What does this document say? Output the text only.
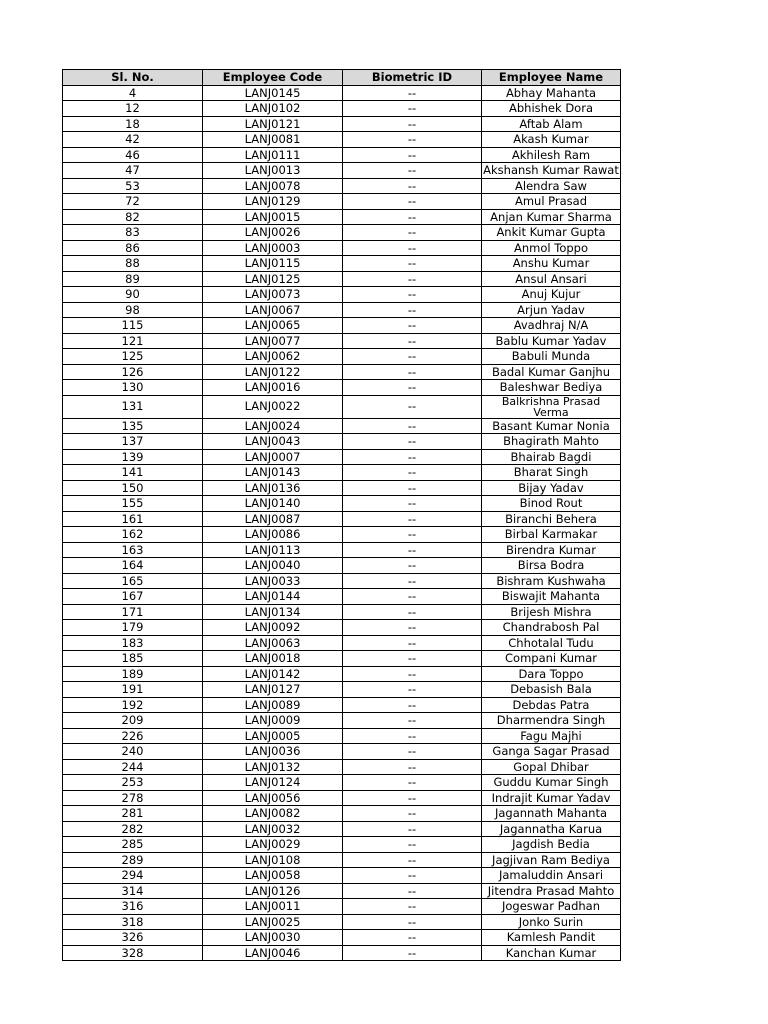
Sl. No.	Employee Code	Biometric ID	Employee Name
4	LANJ0145	--	Abhay Mahanta
12	LANJ0102	--	Abhishek Dora
18	LANJ0121	--	Aftab Alam
42	LANJ0081	--	Akash Kumar
46	LANJ0111	--	Akhilesh Ram
47	LANJ0013	--	Akshansh Kumar Rawat
53	LANJ0078	--	Alendra Saw
72	LANJ0129	--	Amul Prasad
82	LANJ0015	--	Anjan Kumar Sharma
83	LANJ0026	--	Ankit Kumar Gupta
86	LANJ0003	--	Anmol Toppo
88	LANJ0115	--	Anshu Kumar
89	LANJ0125	--	Ansul Ansari
90	LANJ0073	--	Anuj Kujur
98	LANJ0067	--	Arjun Yadav
115	LANJ0065	--	Avadhraj N/A
121	LANJ0077	--	Bablu Kumar Yadav
125	LANJ0062	--	Babuli Munda
126	LANJ0122	--	Badal Kumar Ganjhu
130	LANJ0016	--	Baleshwar Bediya
131	LANJ0022	--	Balkrishna Prasad Verma
135	LANJ0024	--	Basant Kumar Nonia
137	LANJ0043	--	Bhagirath Mahto
139	LANJ0007	--	Bhairab Bagdi
141	LANJ0143	--	Bharat Singh
150	LANJ0136	--	Bijay Yadav
155	LANJ0140	--	Binod Rout
161	LANJ0087	--	Biranchi Behera
162	LANJ0086	--	Birbal Karmakar
163	LANJ0113	--	Birendra Kumar
164	LANJ0040	--	Birsa Bodra
165	LANJ0033	--	Bishram Kushwaha
167	LANJ0144	--	Biswajit Mahanta
171	LANJ0134	--	Brijesh Mishra
179	LANJ0092	--	Chandrabosh Pal
183	LANJ0063	--	Chhotalal Tudu
185	LANJ0018	--	Compani Kumar
189	LANJ0142	--	Dara Toppo
191	LANJ0127	--	Debasish Bala
192	LANJ0089	--	Debdas Patra
209	LANJ0009	--	Dharmendra Singh
226	LANJ0005	--	Fagu Majhi
240	LANJ0036	--	Ganga Sagar Prasad
244	LANJ0132	--	Gopal Dhibar
253	LANJ0124	--	Guddu Kumar Singh
278	LANJ0056	--	Indrajit Kumar Yadav
281	LANJ0082	--	Jagannath Mahanta
282	LANJ0032	--	Jagannatha Karua
285	LANJ0029	--	Jagdish Bedia
289	LANJ0108	--	Jagjivan Ram Bediya
294	LANJ0058	--	Jamaluddin Ansari
314	LANJ0126	--	Jitendra Prasad Mahto
316	LANJ0011	--	Jogeswar Padhan
318	LANJ0025	--	Jonko Surin
326	LANJ0030	--	Kamlesh Pandit
328	LANJ0046	--	Kanchan Kumar
